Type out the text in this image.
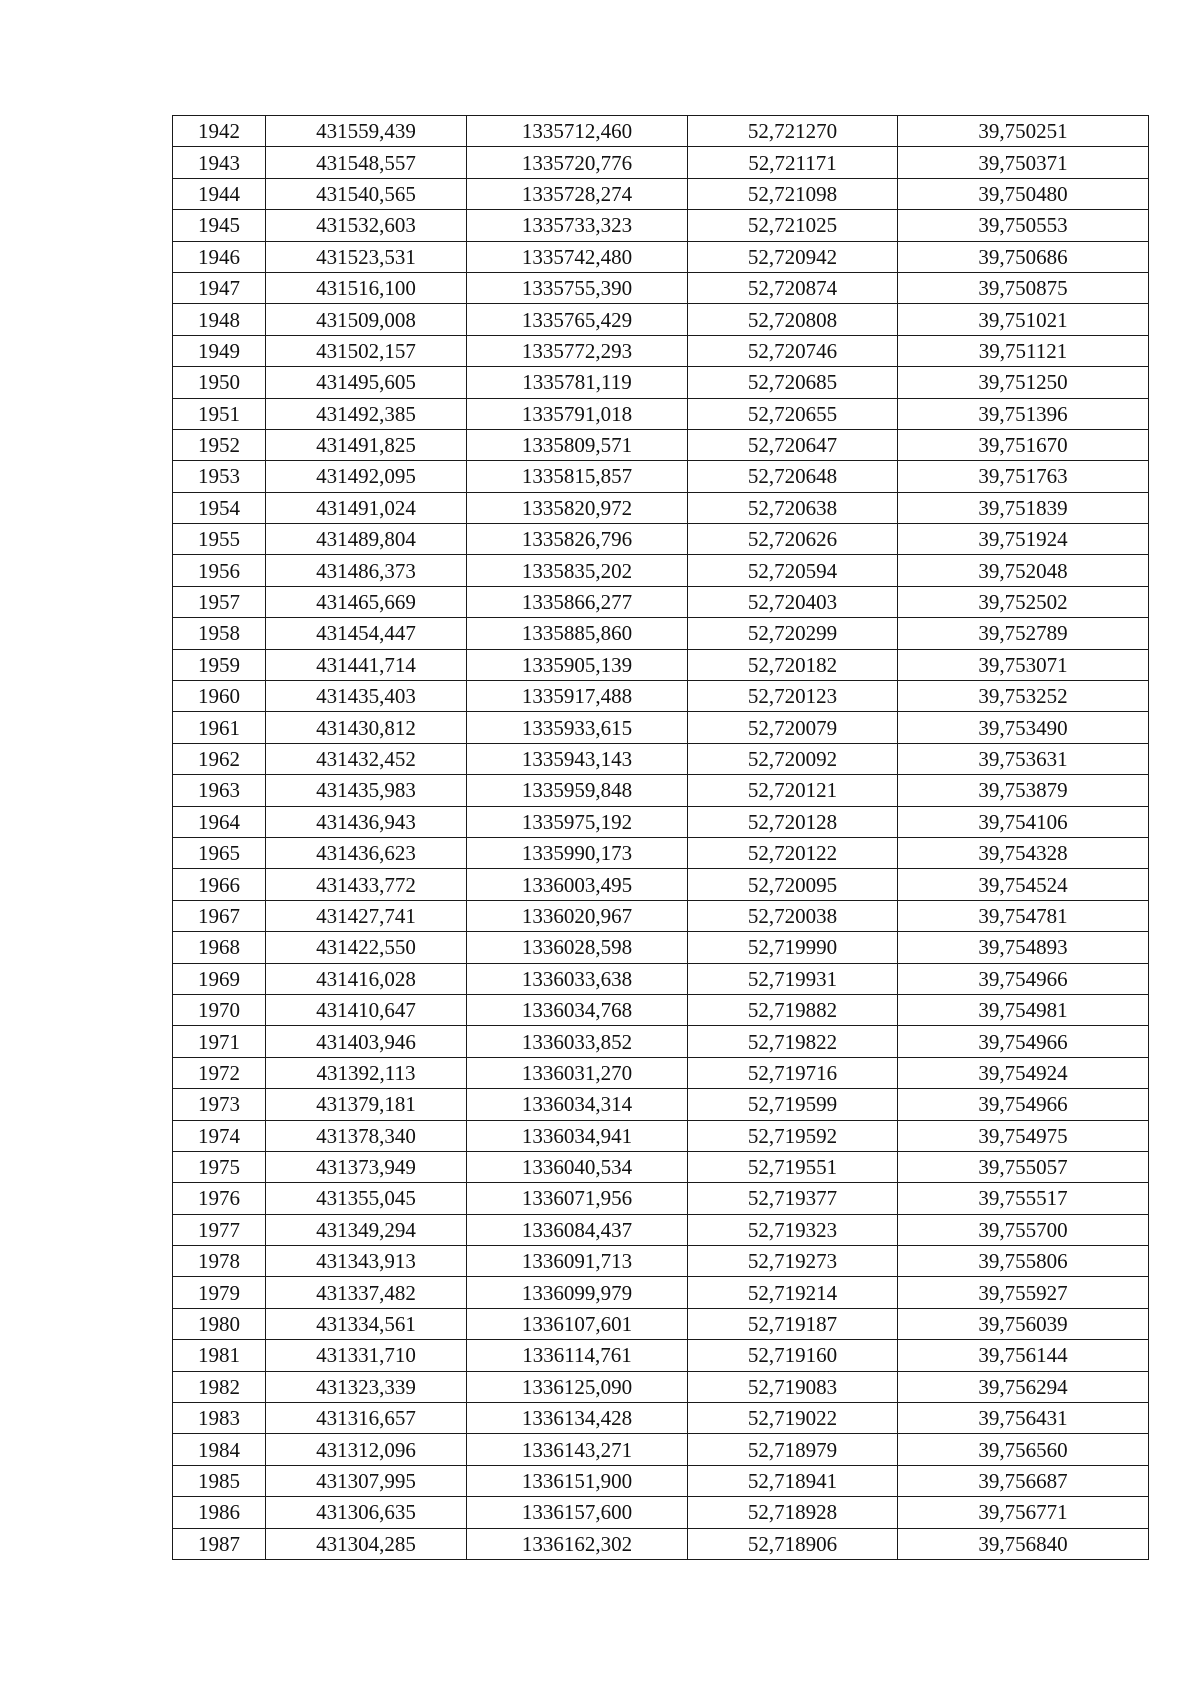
1942	431559,439	1335712,460	52,721270	39,750251
1943	431548,557	1335720,776	52,721171	39,750371
1944	431540,565	1335728,274	52,721098	39,750480
1945	431532,603	1335733,323	52,721025	39,750553
1946	431523,531	1335742,480	52,720942	39,750686
1947	431516,100	1335755,390	52,720874	39,750875
1948	431509,008	1335765,429	52,720808	39,751021
1949	431502,157	1335772,293	52,720746	39,751121
1950	431495,605	1335781,119	52,720685	39,751250
1951	431492,385	1335791,018	52,720655	39,751396
1952	431491,825	1335809,571	52,720647	39,751670
1953	431492,095	1335815,857	52,720648	39,751763
1954	431491,024	1335820,972	52,720638	39,751839
1955	431489,804	1335826,796	52,720626	39,751924
1956	431486,373	1335835,202	52,720594	39,752048
1957	431465,669	1335866,277	52,720403	39,752502
1958	431454,447	1335885,860	52,720299	39,752789
1959	431441,714	1335905,139	52,720182	39,753071
1960	431435,403	1335917,488	52,720123	39,753252
1961	431430,812	1335933,615	52,720079	39,753490
1962	431432,452	1335943,143	52,720092	39,753631
1963	431435,983	1335959,848	52,720121	39,753879
1964	431436,943	1335975,192	52,720128	39,754106
1965	431436,623	1335990,173	52,720122	39,754328
1966	431433,772	1336003,495	52,720095	39,754524
1967	431427,741	1336020,967	52,720038	39,754781
1968	431422,550	1336028,598	52,719990	39,754893
1969	431416,028	1336033,638	52,719931	39,754966
1970	431410,647	1336034,768	52,719882	39,754981
1971	431403,946	1336033,852	52,719822	39,754966
1972	431392,113	1336031,270	52,719716	39,754924
1973	431379,181	1336034,314	52,719599	39,754966
1974	431378,340	1336034,941	52,719592	39,754975
1975	431373,949	1336040,534	52,719551	39,755057
1976	431355,045	1336071,956	52,719377	39,755517
1977	431349,294	1336084,437	52,719323	39,755700
1978	431343,913	1336091,713	52,719273	39,755806
1979	431337,482	1336099,979	52,719214	39,755927
1980	431334,561	1336107,601	52,719187	39,756039
1981	431331,710	1336114,761	52,719160	39,756144
1982	431323,339	1336125,090	52,719083	39,756294
1983	431316,657	1336134,428	52,719022	39,756431
1984	431312,096	1336143,271	52,718979	39,756560
1985	431307,995	1336151,900	52,718941	39,756687
1986	431306,635	1336157,600	52,718928	39,756771
1987	431304,285	1336162,302	52,718906	39,756840
